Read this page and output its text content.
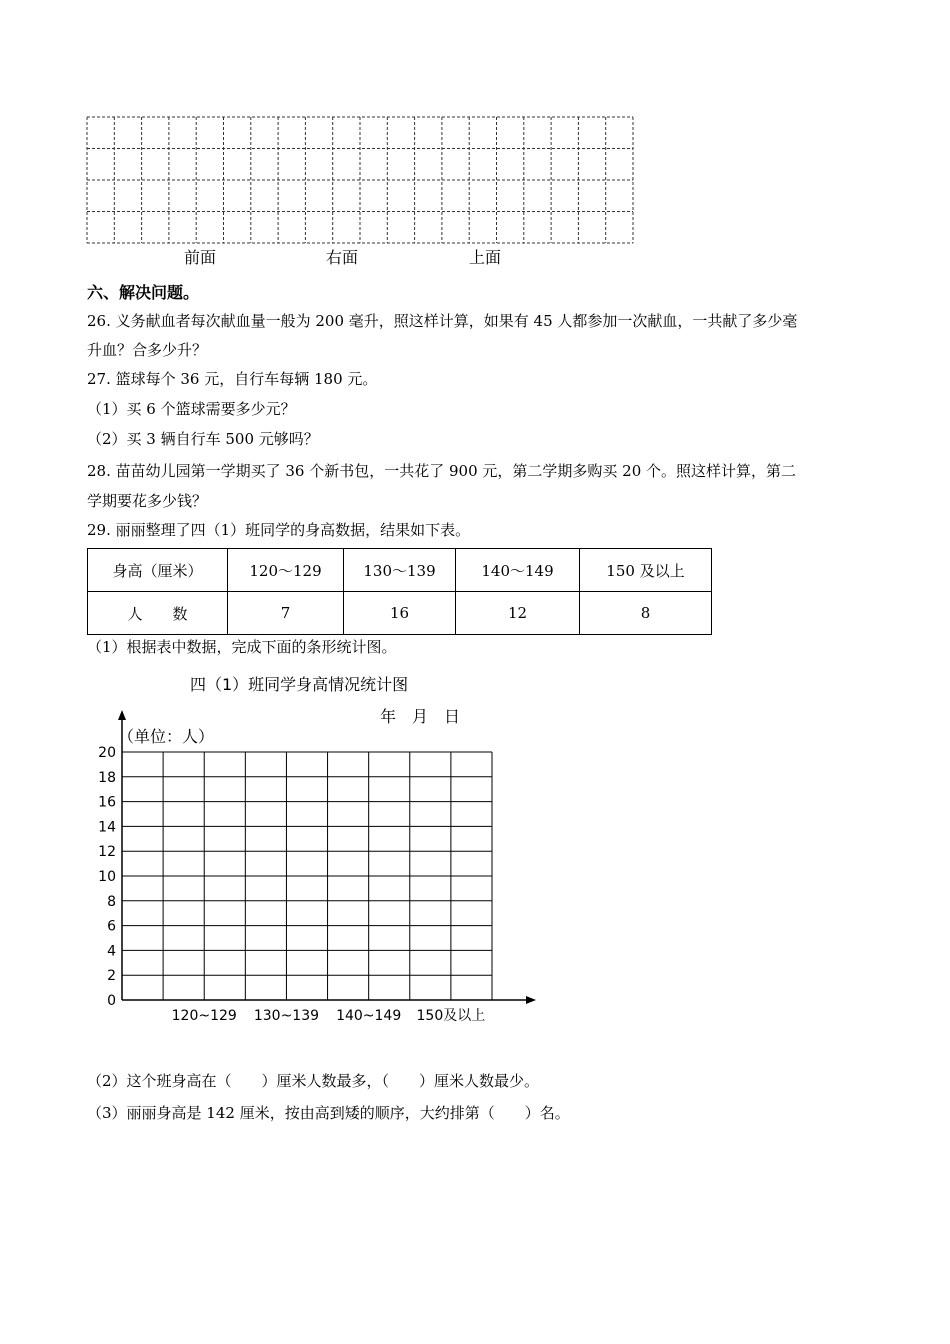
前面	右面	上面
六、解决问题。
26. 义务献血者每次献血量一般为 200 毫升，照这样计算，如果有 45 人都参加一次献血，一共献了多少毫
升血？合多少升？
27. 篮球每个 36 元，自行车每辆 180 元。
（1）买 6 个篮球需要多少元？
（2）买 3 辆自行车 500 元够吗？
28. 苗苗幼儿园第一学期买了 36 个新书包，一共花了 900 元，第二学期多购买 20 个。照这样计算，第二
学期要花多少钱？
29. 丽丽整理了四（1）班同学的身高数据，结果如下表。
身高（厘米）	120～129	130～139	140～149	150 及以上
人　　数	7	16	12	8
（1）根据表中数据，完成下面的条形统计图。
四（1）班同学身高情况统计图
年　月　日
（单位：人）
0
2
4
6
8
10
12
14
16
18
20
120~129 130~139 140~149 150及以上
（2）这个班身高在（　　）厘米人数最多，（　　）厘米人数最少。
（3）丽丽身高是 142 厘米，按由高到矮的顺序，大约排第（　　）名。
